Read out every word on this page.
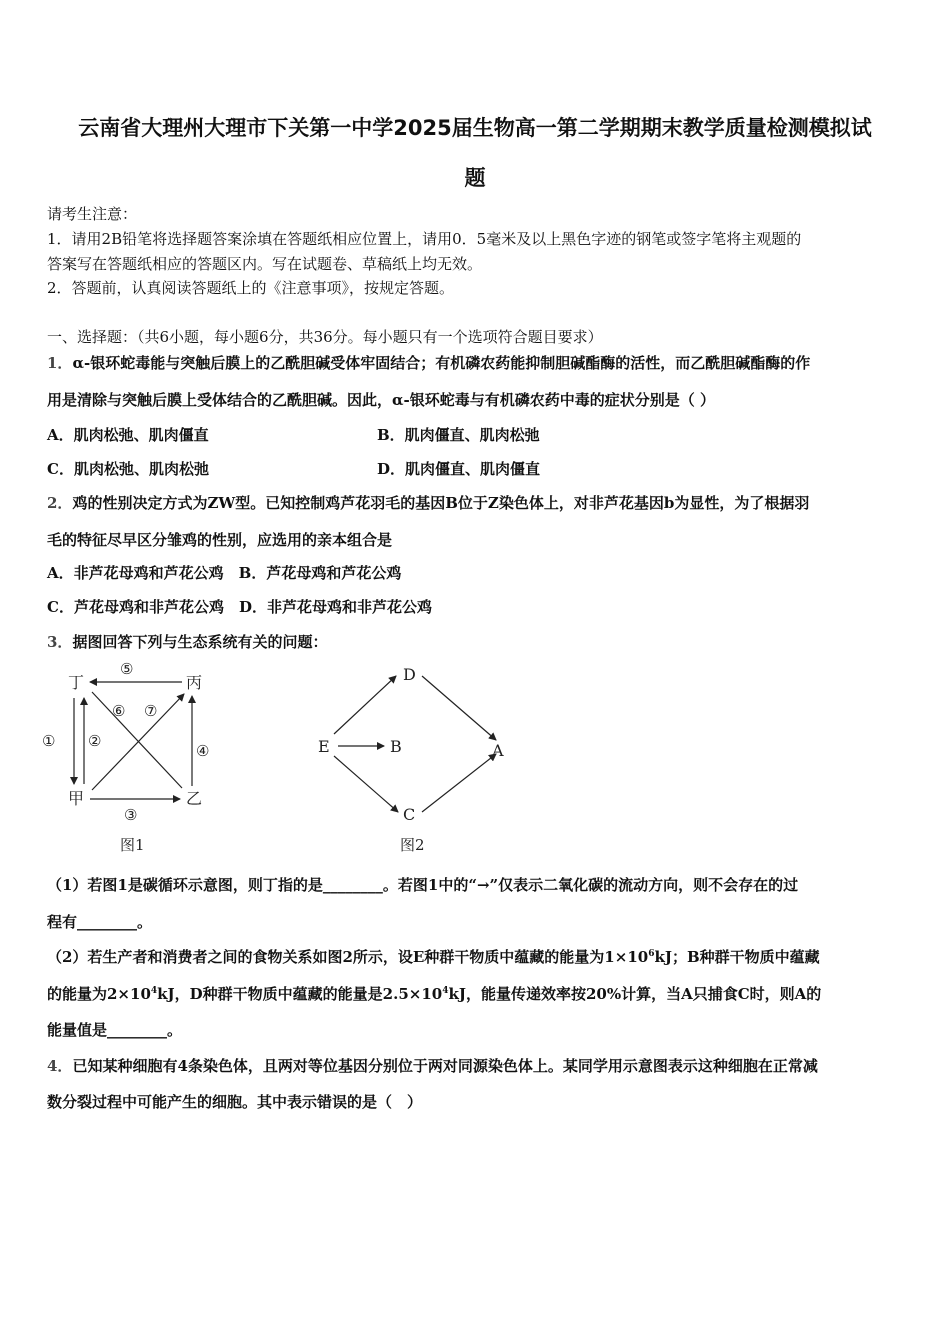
云南省大理州大理市下关第一中学2025届生物高一第二学期期末教学质量检测模拟试
题
请考生注意：
1．请用2B铅笔将选择题答案涂填在答题纸相应位置上，请用0．5毫米及以上黑色字迹的钢笔或签字笔将主观题的
答案写在答题纸相应的答题区内。写在试题卷、草稿纸上均无效。
2．答题前，认真阅读答题纸上的《注意事项》，按规定答题。
一、选择题：（共6小题，每小题6分，共36分。每小题只有一个选项符合题目要求）
1．α-银环蛇毒能与突触后膜上的乙酰胆碱受体牢固结合；有机磷农药能抑制胆碱酯酶的活性，而乙酰胆碱酯酶的作
用是清除与突触后膜上受体结合的乙酰胆碱。因此，α-银环蛇毒与有机磷农药中毒的症状分别是（ ）
A．肌肉松弛、肌肉僵直	B．肌肉僵直、肌肉松弛
C．肌肉松弛、肌肉松弛	D．肌肉僵直、肌肉僵直
2．鸡的性别决定方式为ZW型。已知控制鸡芦花羽毛的基因B位于Z染色体上，对非芦花基因b为显性，为了根据羽
毛的特征尽早区分雏鸡的性别，应选用的亲本组合是
A．非芦花母鸡和芦花公鸡　B．芦花母鸡和芦花公鸡
C．芦花母鸡和非芦花公鸡　D．非芦花母鸡和非芦花公鸡
3．据图回答下列与生态系统有关的问题：
丁	丙
甲	乙
⑤
⑥ ⑦
① ②
④
③
图1
D
E	B	A
C
图2
（1）若图1是碳循环示意图，则丁指的是________。若图1中的“→”仅表示二氧化碳的流动方向，则不会存在的过
程有________。
（2）若生产者和消费者之间的食物关系如图2所示，设E种群干物质中蕴藏的能量为$1\times 10^6kJ$；B种群干物质中蕴藏
的能量为$2\times 10^4kJ$，D种群干物质中蕴藏的能量是$2.5\times 10^4kJ$，能量传递效率按20%计算，当A只捕食C时，则A的
能量值是________。
4．已知某种细胞有4条染色体，且两对等位基因分别位于两对同源染色体上。某同学用示意图表示这种细胞在正常减
数分裂过程中可能产生的细胞。其中表示错误的是（　）
